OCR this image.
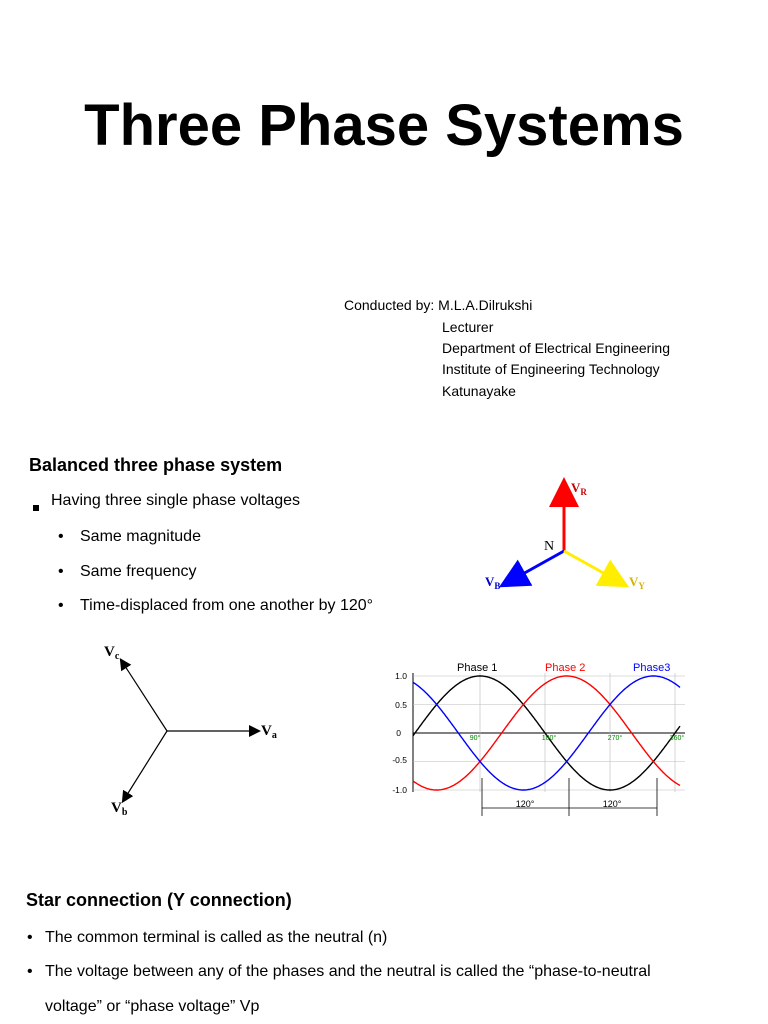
Three Phase Systems
Conducted by: M.L.A.Dilrukshi
Lecturer
Department of Electrical Engineering
Institute of Engineering Technology
Katunayake
Balanced three phase system
Having three single phase voltages
• Same magnitude
• Same frequency
• Time-displaced from one another by 120°
N
$V_R$
$V_B$	$V_Y$
$V_c$
$V_a$
$V_b$
Phase 1	Phase 2	Phase3
1.0
0.5
0
-0.5
-1.0
90°	180°	270°	360°
120°	120°
Star connection (Y connection)
• The common terminal is called as the neutral (n)
• The voltage between any of the phases and the neutral is called the “phase-to-neutral
voltage” or “phase voltage” Vp
